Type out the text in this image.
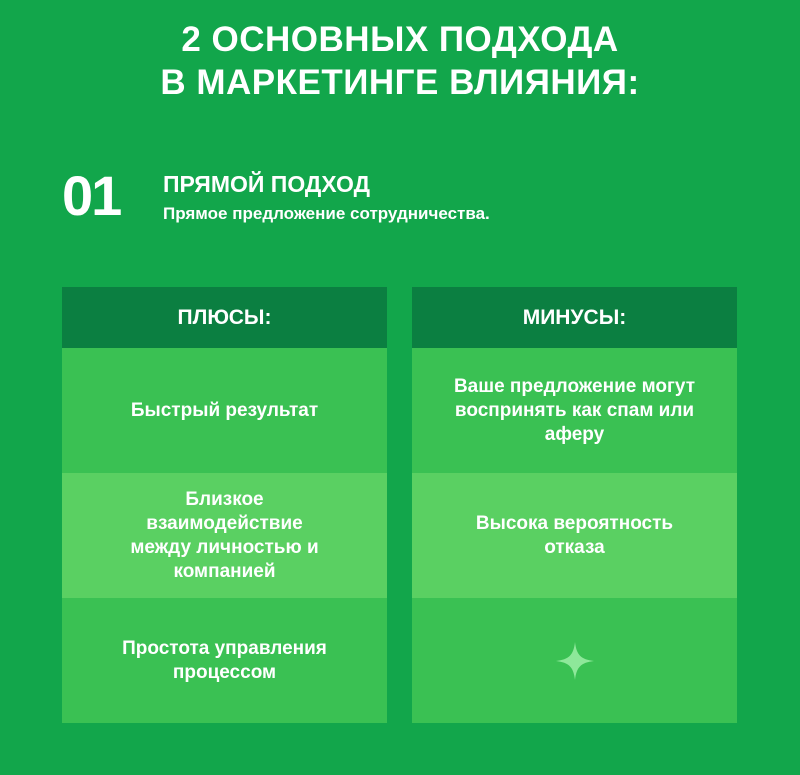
2 ОСНОВНЫХ ПОДХОДА
В МАРКЕТИНГЕ ВЛИЯНИЯ:
01 ПРЯМОЙ ПОДХОД
Прямое предложение сотрудничества.
ПЛЮСЫ:
Быстрый результат
Близкое взаимодействие между личностью и компанией
Простота управления процессом
МИНУСЫ:
Ваше предложение могут воспринять как спам или аферу
Высока вероятность отказа
